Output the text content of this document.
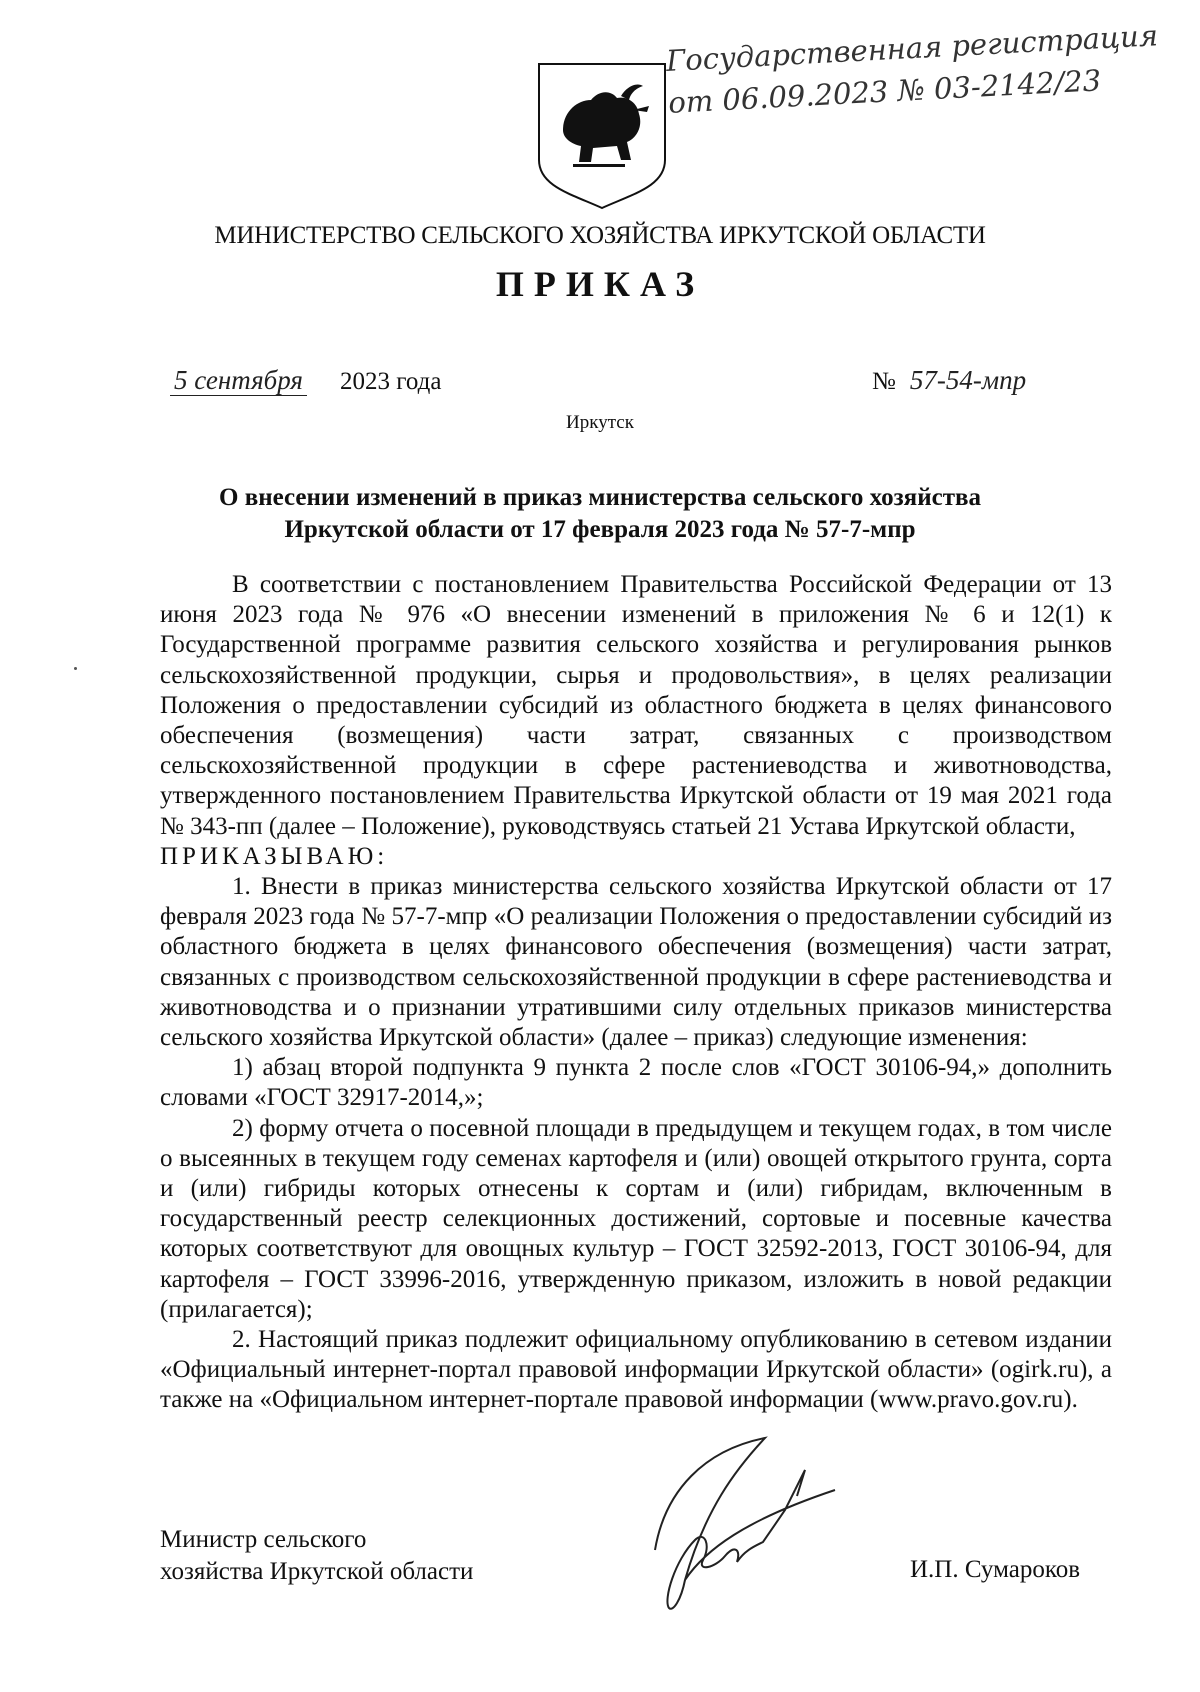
Государственная регистрация
от 06.09.2023 № 03-2142/23
МИНИСТЕРСТВО СЕЛЬСКОГО ХОЗЯЙСТВА ИРКУТСКОЙ ОБЛАСТИ
ПРИКАЗ
5 сентября 2023 года	№ 57-54-мпр
Иркутск
О внесении изменений в приказ министерства сельского хозяйства
Иркутской области от 17 февраля 2023 года № 57-7-мпр

В соответствии с постановлением Правительства Российской Федерации от 13 июня 2023 года № 976 «О внесении изменений в приложения № 6 и 12(1) к Государственной программе развития сельского хозяйства и регулирования рынков сельскохозяйственной продукции, сырья и продовольствия», в целях реализации Положения о предоставлении субсидий из областного бюджета в целях финансового обеспечения (возмещения) части затрат, связанных с производством сельскохозяйственной продукции в сфере растениеводства и животноводства, утвержденного постановлением Правительства Иркутской области от 19 мая 2021 года № 343-пп (далее – Положение), руководствуясь статьей 21 Устава Иркутской области,

ПРИКАЗЫВАЮ:

1. Внести в приказ министерства сельского хозяйства Иркутской области от 17 февраля 2023 года № 57-7-мпр «О реализации Положения о предоставлении субсидий из областного бюджета в целях финансового обеспечения (возмещения) части затрат, связанных с производством сельскохозяйственной продукции в сфере растениеводства и животноводства и о признании утратившими силу отдельных приказов министерства сельского хозяйства Иркутской области» (далее – приказ) следующие изменения:

1) абзац второй подпункта 9 пункта 2 после слов «ГОСТ 30106-94,» дополнить словами «ГОСТ 32917-2014,»;

2) форму отчета о посевной площади в предыдущем и текущем годах, в том числе о высеянных в текущем году семенах картофеля и (или) овощей открытого грунта, сорта и (или) гибриды которых отнесены к сортам и (или) гибридам, включенным в государственный реестр селекционных достижений, сортовые и посевные качества которых соответствуют для овощных культур – ГОСТ 32592-2013, ГОСТ 30106-94, для картофеля – ГОСТ 33996-2016, утвержденную приказом, изложить в новой редакции (прилагается);

2. Настоящий приказ подлежит официальному опубликованию в сетевом издании «Официальный интернет-портал правовой информации Иркутской области» (ogirk.ru), а также на «Официальном интернет-портале правовой информации (www.pravo.gov.ru).

Министр сельского
хозяйства Иркутской области	И.П. Сумароков
